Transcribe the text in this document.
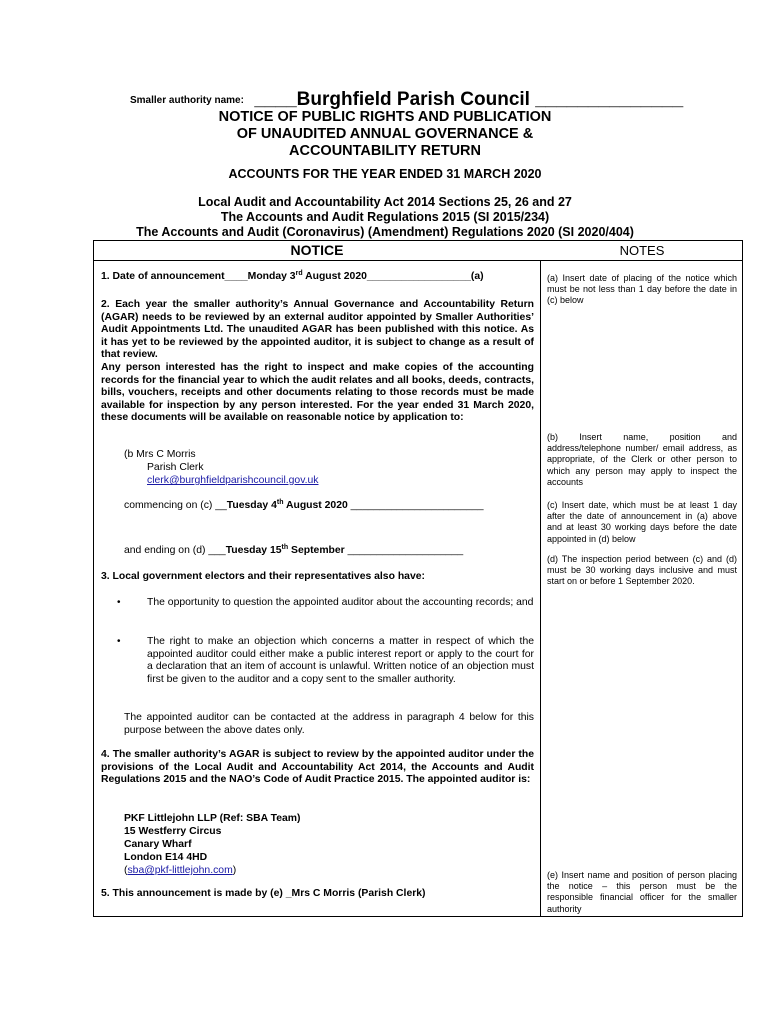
Smaller authority name: ____Burghfield Parish Council ______________
NOTICE OF PUBLIC RIGHTS AND PUBLICATION
OF UNAUDITED ANNUAL GOVERNANCE &
ACCOUNTABILITY RETURN
ACCOUNTS FOR THE YEAR ENDED 31 MARCH 2020
Local Audit and Accountability Act 2014 Sections 25, 26 and 27
The Accounts and Audit Regulations 2015 (SI 2015/234)
The Accounts and Audit (Coronavirus) (Amendment) Regulations 2020 (SI 2020/404)
NOTICE	NOTES
1. Date of announcement____Monday 3rd August 2020__________________(a)
2. Each year the smaller authority’s Annual Governance and Accountability Return (AGAR) needs to be reviewed by an external auditor appointed by Smaller Authorities’ Audit Appointments Ltd. The unaudited AGAR has been published with this notice. As it has yet to be reviewed by the appointed auditor, it is subject to change as a result of that review.
Any person interested has the right to inspect and make copies of the accounting records for the financial year to which the audit relates and all books, deeds, contracts, bills, vouchers, receipts and other documents relating to those records must be made available for inspection by any person interested. For the year ended 31 March 2020, these documents will be available on reasonable notice by application to:
(b Mrs C Morris
Parish Clerk
clerk@burghfieldparishcouncil.gov.uk
commencing on (c) __Tuesday 4th August 2020 _______________________
and ending on (d) ___Tuesday 15th September ____________________
3. Local government electors and their representatives also have:
•	The opportunity to question the appointed auditor about the accounting records; and
•	The right to make an objection which concerns a matter in respect of which the appointed auditor could either make a public interest report or apply to the court for a declaration that an item of account is unlawful. Written notice of an objection must first be given to the auditor and a copy sent to the smaller authority.
The appointed auditor can be contacted at the address in paragraph 4 below for this purpose between the above dates only.
4. The smaller authority’s AGAR is subject to review by the appointed auditor under the provisions of the Local Audit and Accountability Act 2014, the Accounts and Audit Regulations 2015 and the NAO’s Code of Audit Practice 2015. The appointed auditor is:
PKF Littlejohn LLP (Ref: SBA Team)
15 Westferry Circus
Canary Wharf
London E14 4HD
(sba@pkf-littlejohn.com)
5. This announcement is made by (e) _Mrs C Morris (Parish Clerk)
(a) Insert date of placing of the notice which must be not less than 1 day before the date in (c) below
(b) Insert name, position and address/telephone number/ email address, as appropriate, of the Clerk or other person to which any person may apply to inspect the accounts
(c) Insert date, which must be at least 1 day after the date of announcement in (a) above and at least 30 working days before the date appointed in (d) below
(d) The inspection period between (c) and (d) must be 30 working days inclusive and must start on or before 1 September 2020.
(e) Insert name and position of person placing the notice – this person must be the responsible financial officer for the smaller authority
